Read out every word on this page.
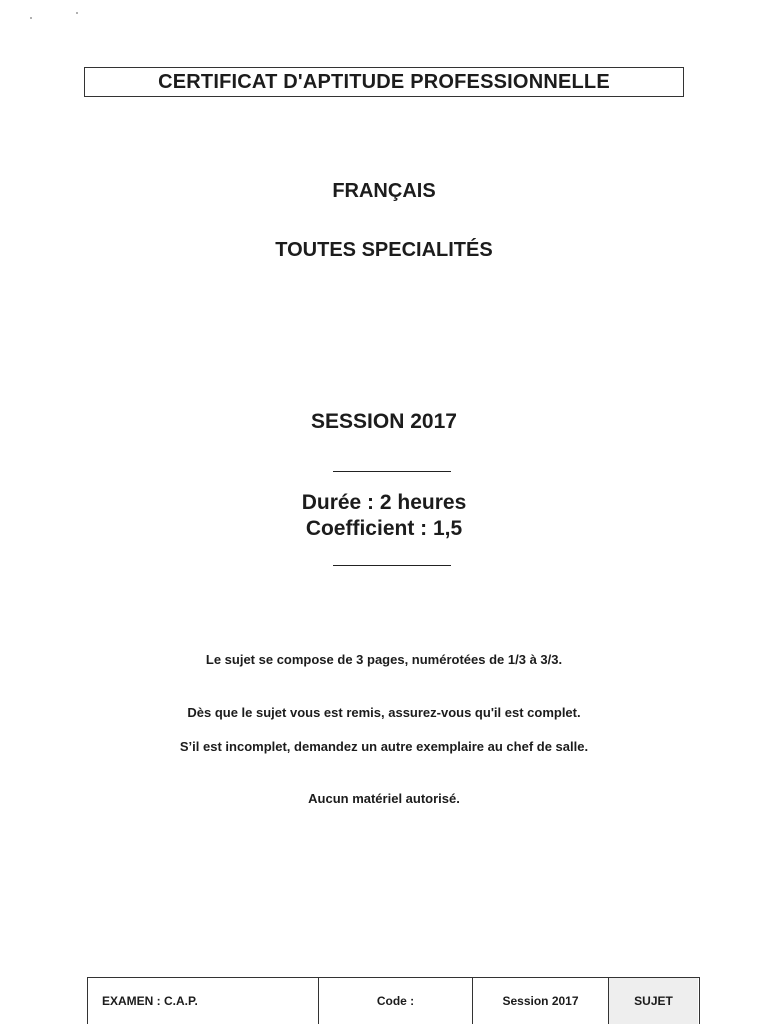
CERTIFICAT D'APTITUDE PROFESSIONNELLE
FRANÇAIS
TOUTES SPECIALITÉS
SESSION 2017
Durée : 2 heures
Coefficient : 1,5
Le sujet se compose de 3 pages, numérotées de 1/3 à 3/3.
Dès que le sujet vous est remis, assurez-vous qu'il est complet.
S’il est incomplet, demandez un autre exemplaire au chef de salle.
Aucun matériel autorisé.
EXAMEN : C.A.P.	Code :	Session 2017	SUJET
